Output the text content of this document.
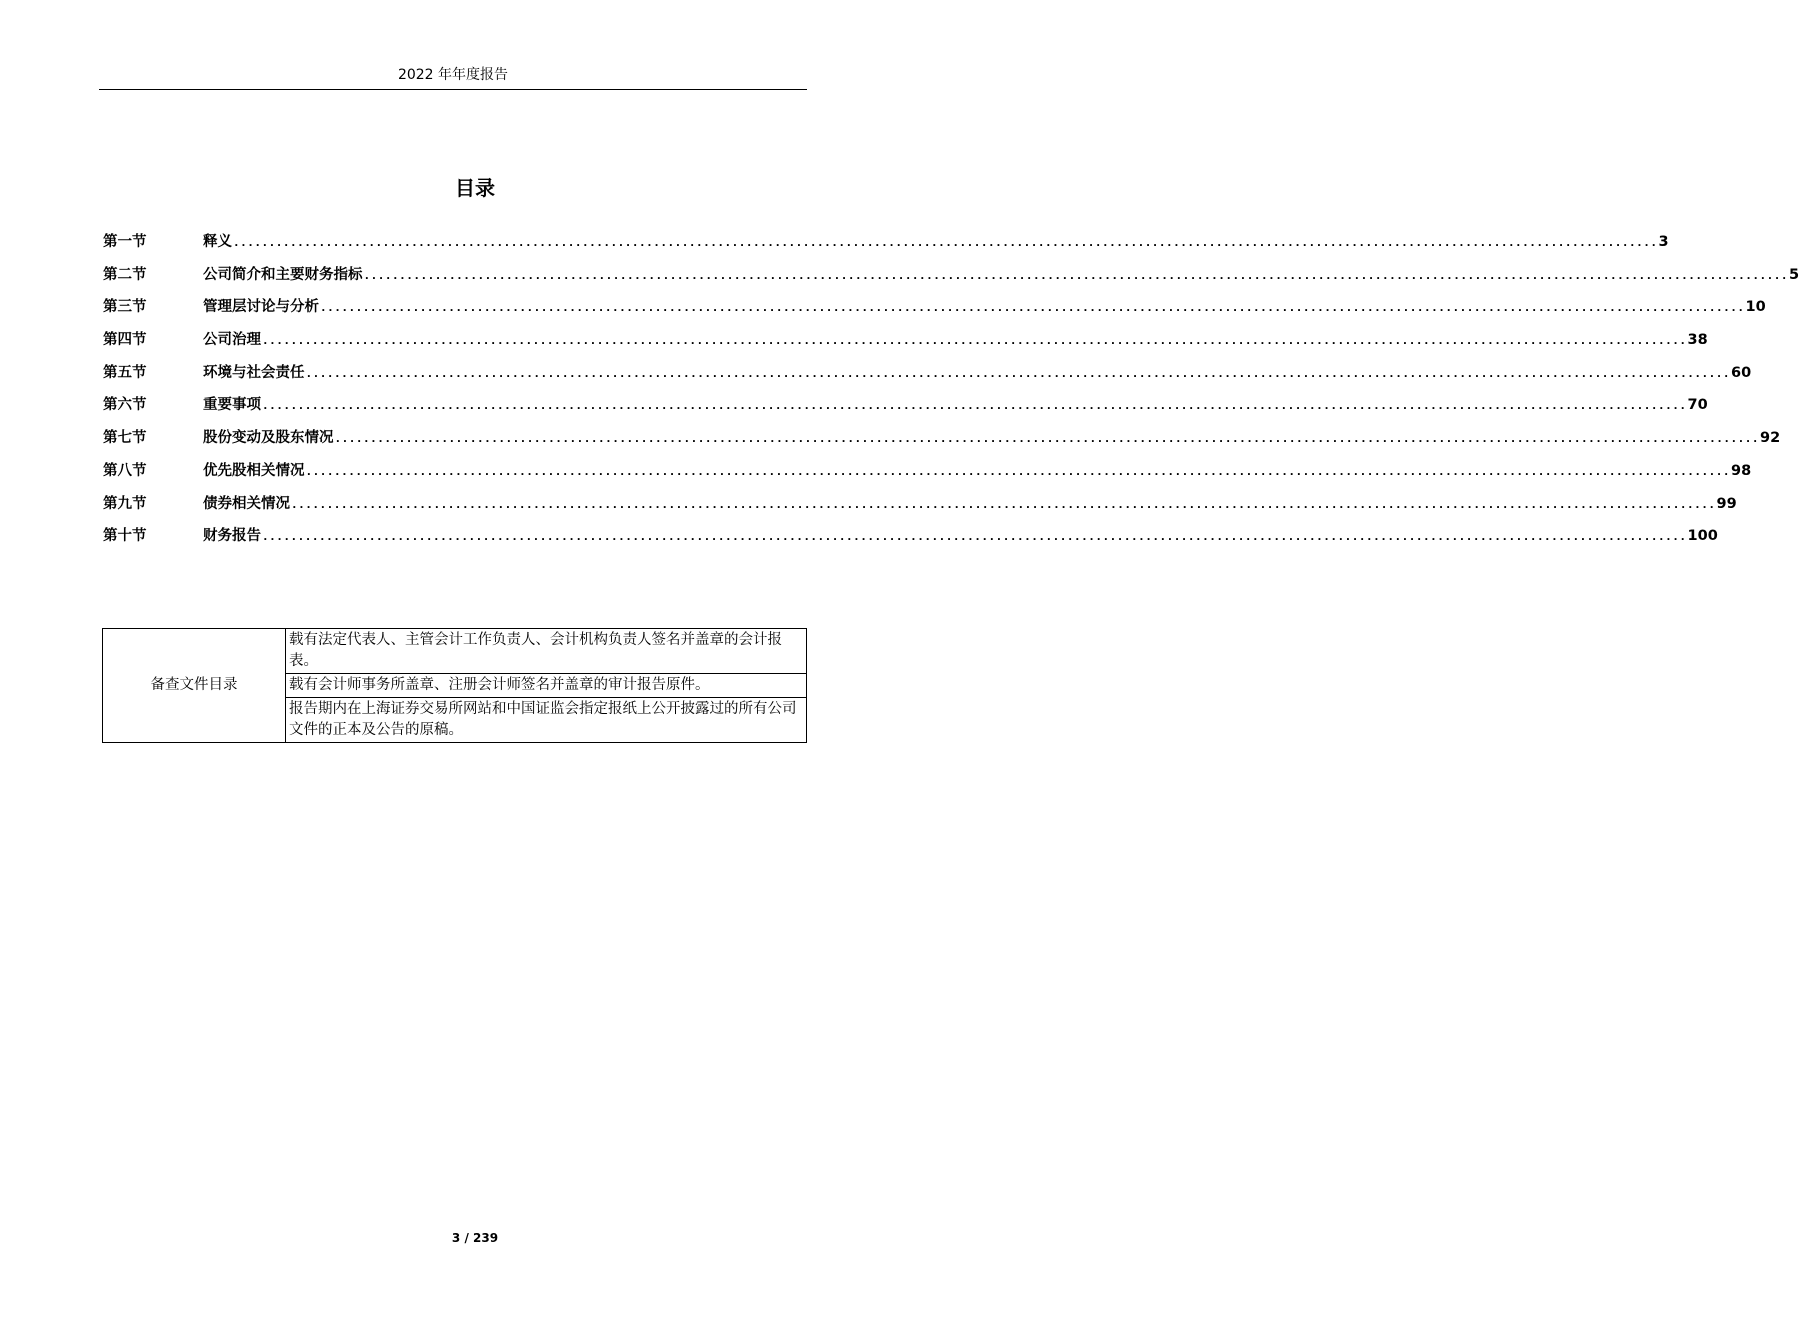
2022 年年度报告
目录
第一节	释义 ........................................................................................................................................................................................................ 3
第二节	公司简介和主要财务指标 ........................................................................................................................................................................................................ 5
第三节	管理层讨论与分析 ........................................................................................................................................................................................................ 10
第四节	公司治理 ........................................................................................................................................................................................................ 38
第五节	环境与社会责任 ........................................................................................................................................................................................................ 60
第六节	重要事项 ........................................................................................................................................................................................................ 70
第七节	股份变动及股东情况 ........................................................................................................................................................................................................ 92
第八节	优先股相关情况 ........................................................................................................................................................................................................ 98
第九节	债券相关情况 ........................................................................................................................................................................................................ 99
第十节	财务报告 ........................................................................................................................................................................................................ 100
备查文件目录	载有法定代表人、主管会计工作负责人、会计机构负责人签名并盖章的会计报表。
载有会计师事务所盖章、注册会计师签名并盖章的审计报告原件。
报告期内在上海证券交易所网站和中国证监会指定报纸上公开披露过的所有公司文件的正本及公告的原稿。
3 / 239
